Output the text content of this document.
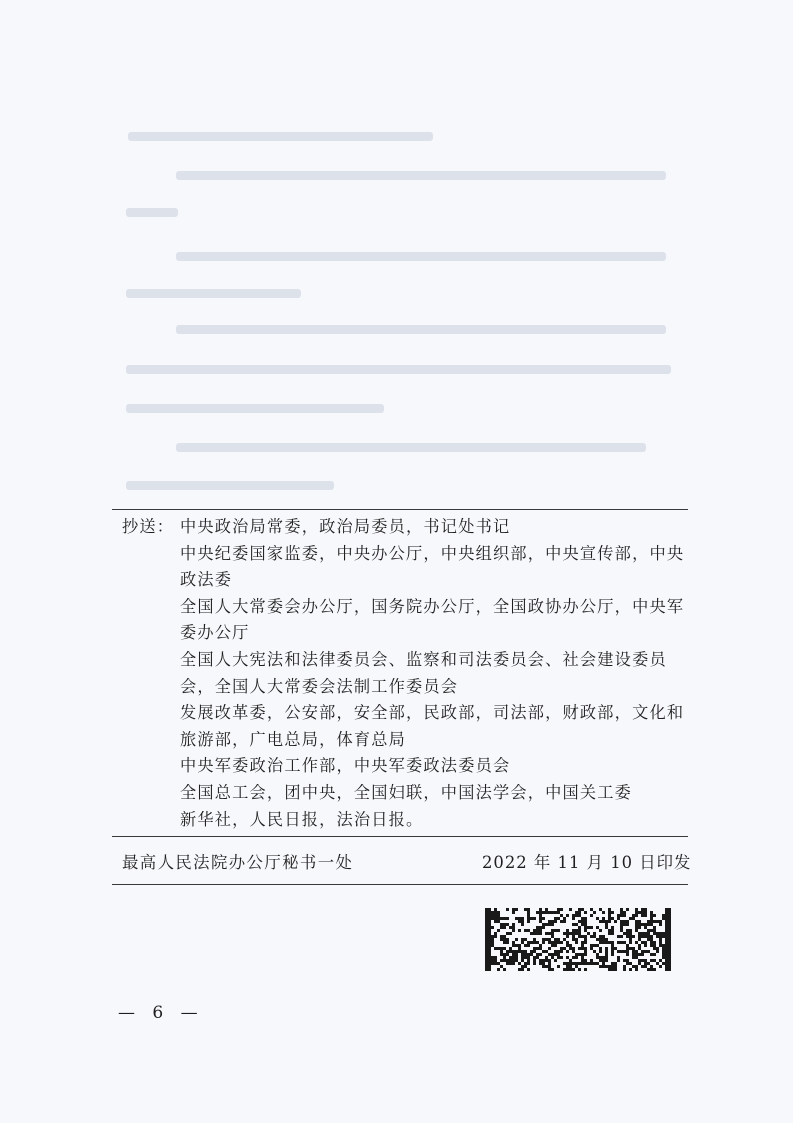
抄送： 中央政治局常委，政治局委员，书记处书记
中央纪委国家监委，中央办公厅，中央组织部，中央宣传部，中央政法委
全国人大常委会办公厅，国务院办公厅，全国政协办公厅，中央军委办公厅
全国人大宪法和法律委员会、监察和司法委员会、社会建设委员会，全国人大常委会法制工作委员会
发展改革委，公安部，安全部，民政部，司法部，财政部，文化和旅游部，广电总局，体育总局
中央军委政治工作部，中央军委政法委员会
全国总工会，团中央，全国妇联，中国法学会，中国关工委
新华社，人民日报，法治日报。
最高人民法院办公厅秘书一处	2022 年 11 月 10 日印发
— 6 —
